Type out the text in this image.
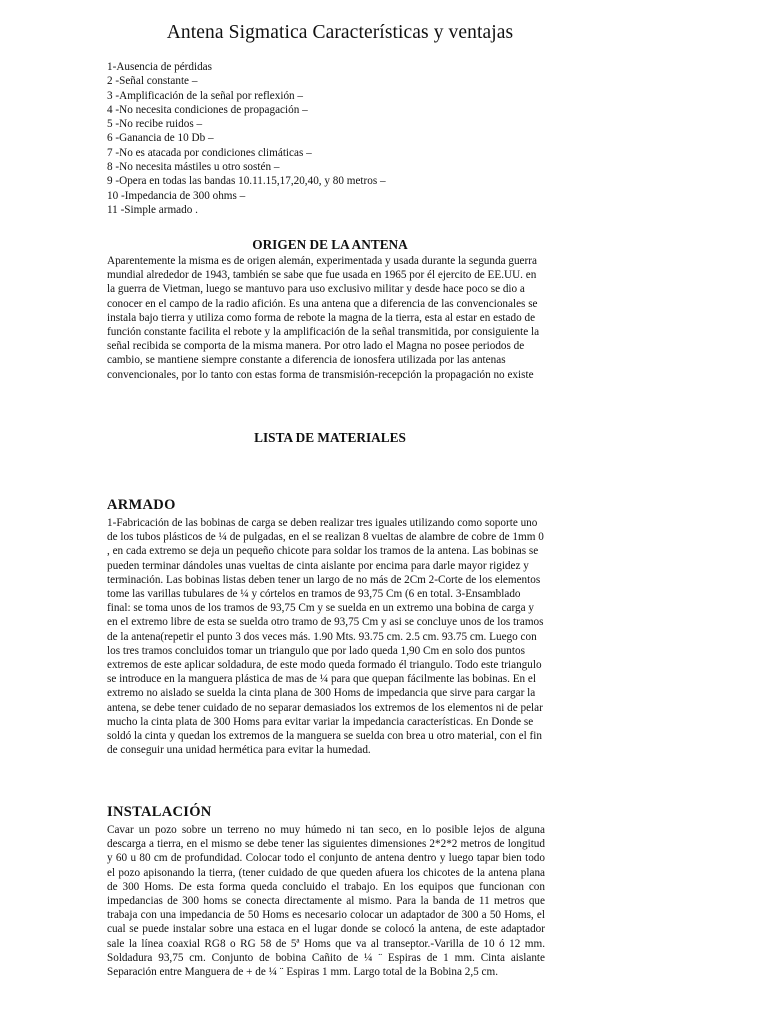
Antena Sigmatica Características y ventajas
1-Ausencia de pérdidas
2 -Señal constante –
3 -Amplificación de la señal por reflexión –
4 -No necesita condiciones de propagación –
5 -No recibe ruidos –
6 -Ganancia de 10 Db –
7 -No es atacada por condiciones climáticas –
8 -No necesita mástiles u otro sostén –
9 -Opera en todas las bandas 10.11.15,17,20,40, y 80 metros –
10 -Impedancia de 300 ohms –
11 -Simple armado .
ORIGEN DE LA ANTENA

Aparentemente la misma es de origen alemán, experimentada y usada durante la segunda guerra mundial alrededor de 1943, también se sabe que fue usada en 1965 por él ejercito de EE.UU. en la guerra de Vietman, luego se mantuvo para uso exclusivo militar y desde hace poco se dio a conocer en el campo de la radio afición. Es una antena que a diferencia de las convencionales se instala bajo tierra y utiliza como forma de rebote la magna de la tierra, esta al estar en estado de función constante facilita el rebote y la amplificación de la señal transmitida, por consiguiente la señal recibida se comporta de la misma manera. Por otro lado el Magna no posee periodos de cambio, se mantiene siempre constante a diferencia de ionosfera utilizada por las antenas convencionales, por lo tanto con estas forma de transmisión-recepción la propagación no existe

LISTA DE MATERIALES
ARMADO

1-Fabricación de las bobinas de carga se deben realizar tres iguales utilizando como soporte uno de los tubos plásticos de ¼ de pulgadas, en el se realizan 8 vueltas de alambre de cobre de 1mm 0 , en cada extremo se deja un pequeño chicote para soldar los tramos de la antena. Las bobinas se pueden terminar dándoles unas vueltas de cinta aislante por encima para darle mayor rigidez y terminación. Las bobinas listas deben tener un largo de no más de 2Cm 2-Corte de los elementos tome las varillas tubulares de ¼ y córtelos en tramos de 93,75 Cm (6 en total. 3-Ensamblado final: se toma unos de los tramos de 93,75 Cm y se suelda en un extremo una bobina de carga y en el extremo libre de esta se suelda otro tramo de 93,75 Cm y asi se concluye unos de los tramos de la antena(repetir el punto 3 dos veces más. 1.90 Mts. 93.75 cm. 2.5 cm. 93.75 cm. Luego con los tres tramos concluidos tomar un triangulo que por lado queda 1,90 Cm en solo dos puntos extremos de este aplicar soldadura, de este modo queda formado él triangulo. Todo este triangulo se introduce en la manguera plástica de mas de ¼ para que quepan fácilmente las bobinas. En el extremo no aislado se suelda la cinta plana de 300 Homs de impedancia que sirve para cargar la antena, se debe tener cuidado de no separar demasiados los extremos de los elementos ni de pelar mucho la cinta plata de 300 Homs para evitar variar la impedancia características. En Donde se soldó la cinta y quedan los extremos de la manguera se suelda con brea u otro material, con el fin de conseguir una unidad hermética para evitar la humedad.

INSTALACIÓN

Cavar un pozo sobre un terreno no muy húmedo ni tan seco, en lo posible lejos de alguna descarga a tierra, en el mismo se debe tener las siguientes dimensiones 2*2*2 metros de longitud y 60 u 80 cm de profundidad. Colocar todo el conjunto de antena dentro y luego tapar bien todo el pozo apisonando la tierra, (tener cuidado de que queden afuera los chicotes de la antena plana de 300 Homs. De esta forma queda concluido el trabajo. En los equipos que funcionan con impedancias de 300 homs se conecta directamente al mismo. Para la banda de 11 metros que trabaja con una impedancia de 50 Homs es necesario colocar un adaptador de 300 a 50 Homs, el cual se puede instalar sobre una estaca en el lugar donde se colocó la antena, de este adaptador sale la línea coaxial RG8 o RG 58 de 5ª Homs que va al transeptor.-Varilla de 10 ó 12 mm. Soldadura 93,75 cm. Conjunto de bobina Cañito de ¼ ¨ Espiras de 1 mm. Cinta aislante Separación entre Manguera de + de ¼ ¨ Espiras 1 mm. Largo total de la Bobina 2,5 cm.
